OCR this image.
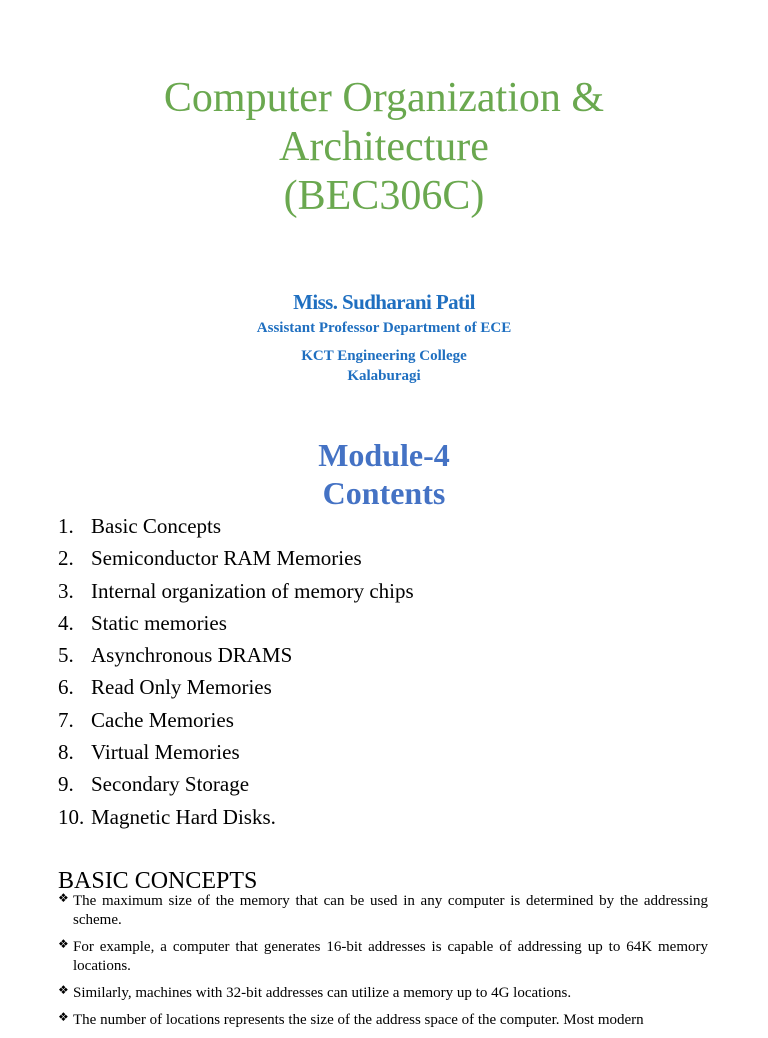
Computer Organization &
Architecture
(BEC306C)
Miss. Sudharani Patil
Assistant Professor Department of ECE
KCT Engineering College
Kalaburagi
Module-4
Contents
1. Basic Concepts
2. Semiconductor RAM Memories
3. Internal organization of memory chips
4. Static memories
5. Asynchronous DRAMS
6. Read Only Memories
7. Cache Memories
8. Virtual Memories
9. Secondary Storage
10. Magnetic Hard Disks.
BASIC CONCEPTS
❖ The maximum size of the memory that can be used in any computer is determined by the addressing scheme.
❖ For example, a computer that generates 16-bit addresses is capable of addressing up to 64K memory locations.
❖ Similarly, machines with 32-bit addresses can utilize a memory up to 4G locations.
❖ The number of locations represents the size of the address space of the computer. Most modern
